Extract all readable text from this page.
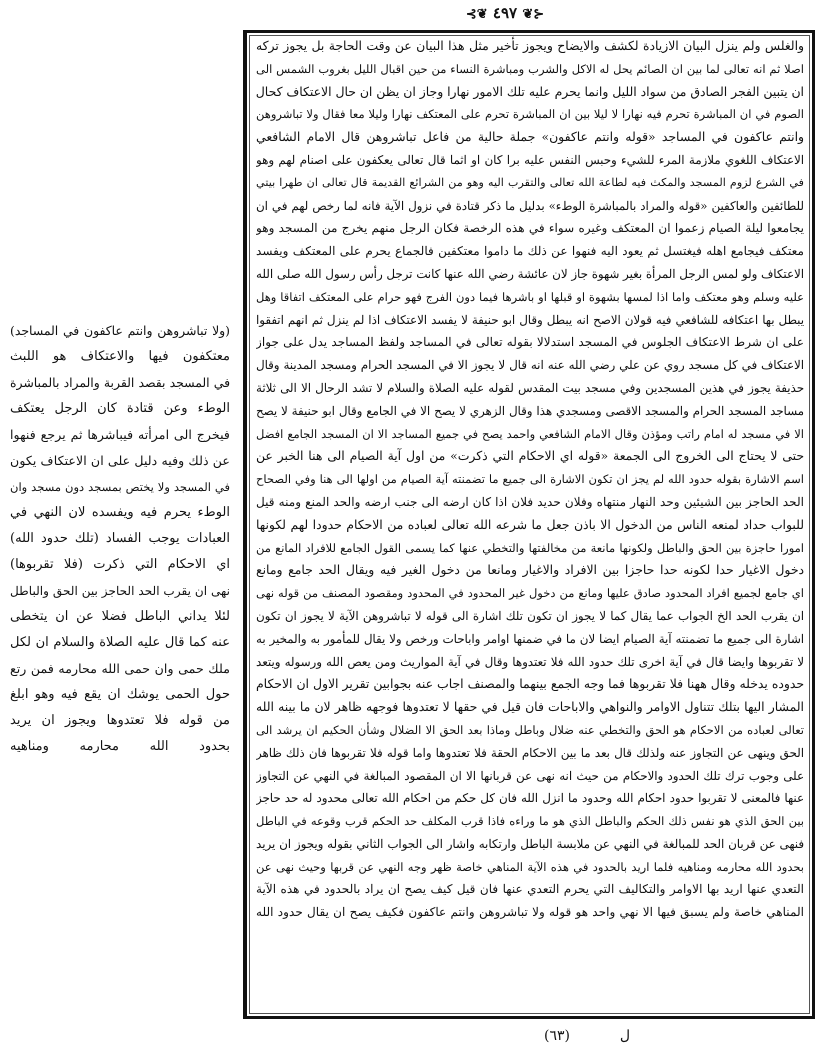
⊰❦ ٤٩٧ ❦⊱
والغلس ولم ينزل البيان الازيادة لكشف والايضاح ويجوز تأخير مثل هذا البيان عن وقت الحاجة بل يجوز تركه
اصلا ثم انه تعالى لما بين ان الصائم يحل له الاكل والشرب ومباشرة النساء من حين اقبال الليل بغروب الشمس الى
ان يتبين الفجر الصادق من سواد الليل وانما يحرم عليه تلك الامور نهارا وجاز ان يظن ان حال الاعتكاف كحال
الصوم في ان المباشرة تحرم فيه نهارا لا ليلا بين ان المباشرة تحرم على المعتكف نهارا وليلا معا فقال ولا تباشروهن
وانتم عاكفون في المساجد «قوله وانتم عاكفون» جملة حالية من فاعل تباشروهن قال الامام الشافعي
الاعتكاف اللغوي ملازمة المرء للشيء وحبس النفس عليه برا كان او اثما قال تعالى يعكفون على اصنام لهم وهو
في الشرع لزوم المسجد والمكث فيه لطاعة الله تعالى والتقرب اليه وهو من الشرائع القديمة قال تعالى ان طهرا بيتي
للطائفين والعاكفين «قوله والمراد بالمباشرة الوطء» بدليل ما ذكر قتادة في نزول الآية فانه لما رخص لهم في ان
يجامعوا ليلة الصيام زعموا ان المعتكف وغيره سواء في هذه الرخصة فكان الرجل منهم يخرج من المسجد وهو
معتكف فيجامع اهله فيغتسل ثم يعود اليه فنهوا عن ذلك ما داموا معتكفين فالجماع يحرم على المعتكف ويفسد
الاعتكاف ولو لمس الرجل المرأة بغير شهوة جاز لان عائشة رضي الله عنها كانت ترجل رأس رسول الله صلى الله
عليه وسلم وهو معتكف واما اذا لمسها بشهوة او قبلها او باشرها فيما دون الفرج فهو حرام على المعتكف اتفاقا وهل
يبطل بها اعتكافه للشافعي فيه قولان الاصح انه يبطل وقال ابو حنيفة لا يفسد الاعتكاف اذا لم ينزل ثم انهم اتفقوا
على ان شرط الاعتكاف الجلوس في المسجد استدلالا بقوله تعالى في المساجد ولفظ المساجد يدل على جواز
الاعتكاف في كل مسجد روي عن علي رضي الله عنه انه قال لا يجوز الا في المسجد الحرام ومسجد المدينة وقال
حذيفة يجوز في هذين المسجدين وفي مسجد بيت المقدس لقوله عليه الصلاة والسلام لا تشد الرحال الا الى ثلاثة
مساجد المسجد الحرام والمسجد الاقصى ومسجدي هذا وقال الزهري لا يصح الا في الجامع وقال ابو حنيفة لا يصح
الا في مسجد له امام راتب ومؤذن وقال الامام الشافعي واحمد يصح في جميع المساجد الا ان المسجد الجامع افضل
حتى لا يحتاج الى الخروج الى الجمعة «قوله اي الاحكام التي ذكرت» من اول آية الصيام الى هنا الخبر عن
اسم الاشارة بقوله حدود الله لم يجز ان تكون الاشارة الى جميع ما تضمنته آية الصيام من اولها الى هنا وفي الصحاح
الحد الحاجز بين الشيئين وحد النهار منتهاه وفلان حديد فلان اذا كان ارضه الى جنب ارضه والحد المنع ومنه قيل
للبواب حداد لمنعه الناس من الدخول الا باذن جعل ما شرعه الله تعالى لعباده من الاحكام حدودا لهم لكونها
امورا حاجزة بين الحق والباطل ولكونها مانعة من مخالفتها والتخطي عنها كما يسمى القول الجامع للافراد المانع من
دخول الاغيار حدا لكونه حدا حاجزا بين الافراد والاغيار ومانعا من دخول الغير فيه ويقال الحد جامع ومانع
اي جامع لجميع افراد المحدود صادق عليها ومانع من دخول غير المحدود في المحدود ومقصود المصنف من قوله نهى
ان يقرب الحد الخ الجواب عما يقال كما لا يجوز ان تكون تلك اشارة الى قوله لا تباشروهن الآية لا يجوز ان تكون
اشارة الى جميع ما تضمنته آية الصيام ايضا لان ما في ضمنها اوامر واباحات ورخص ولا يقال للمأمور به والمخير به
لا تقربوها وايضا قال في آية اخرى تلك حدود الله فلا تعتدوها وقال في آية المواريث ومن يعص الله ورسوله ويتعد
حدوده يدخله وقال ههنا فلا تقربوها فما وجه الجمع بينهما والمصنف اجاب عنه بجوابين تقرير الاول ان الاحكام
المشار اليها بتلك تتناول الاوامر والنواهي والاباحات فان قيل في حقها لا تعتدوها فوجهه ظاهر لان ما بينه الله
تعالى لعباده من الاحكام هو الحق والتخطي عنه ضلال وباطل وماذا بعد الحق الا الضلال وشأن الحكيم ان يرشد الى
الحق وينهى عن التجاوز عنه ولذلك قال بعد ما بين الاحكام الحقة فلا تعتدوها واما قوله فلا تقربوها فان ذلك ظاهر
على وجوب ترك تلك الحدود والاحكام من حيث انه نهى عن قربانها الا ان المقصود المبالغة في النهي عن التجاوز
عنها فالمعنى لا تقربوا حدود احكام الله وحدود ما انزل الله فان كل حكم من احكام الله تعالى محدود له حد حاجز
بين الحق الذي هو نفس ذلك الحكم والباطل الذي هو ما وراءه فاذا قرب المكلف حد الحكم قرب وقوعه في الباطل
فنهى عن قربان الحد للمبالغة في النهي عن ملابسة الباطل وارتكابه واشار الى الجواب الثاني بقوله ويجوز ان يريد
بحدود الله محارمه ومناهيه فلما اريد بالحدود في هذه الآية المناهي خاصة ظهر وجه النهي عن قربها وحيث نهى عن
التعدي عنها اريد بها الاوامر والتكاليف التي يحرم التعدي عنها فان قيل كيف يصح ان يراد بالحدود في هذه الآية
المناهي خاصة ولم يسبق فيها الا نهي واحد هو قوله ولا تباشروهن وانتم عاكفون فكيف يصح ان يقال حدود الله
(ولا تباشروهن وانتم عاكفون في المساجد)
معتكفون فيها والاعتكاف هو اللبث
في المسجد بقصد القربة والمراد بالمباشرة
الوطء وعن قتادة كان الرجل يعتكف
فيخرج الى امرأته فيباشرها ثم يرجع فنهوا
عن ذلك وفيه دليل على ان الاعتكاف يكون
في المسجد ولا يختص بمسجد دون مسجد وان
الوطء يحرم فيه ويفسده لان النهي في
العبادات يوجب الفساد (تلك حدود الله)
اي الاحكام التي ذكرت (فلا تقربوها)
نهى ان يقرب الحد الحاجز بين الحق والباطل
لئلا يداني الباطل فضلا عن ان يتخطى
عنه كما قال عليه الصلاة والسلام ان لكل
ملك حمى وان حمى الله محارمه فمن رتع
حول الحمى يوشك ان يقع فيه وهو ابلغ
من قوله فلا تعتدوها ويجوز ان يريد
بحدود الله محارمه ومناهيه
(٦٣)	ل
